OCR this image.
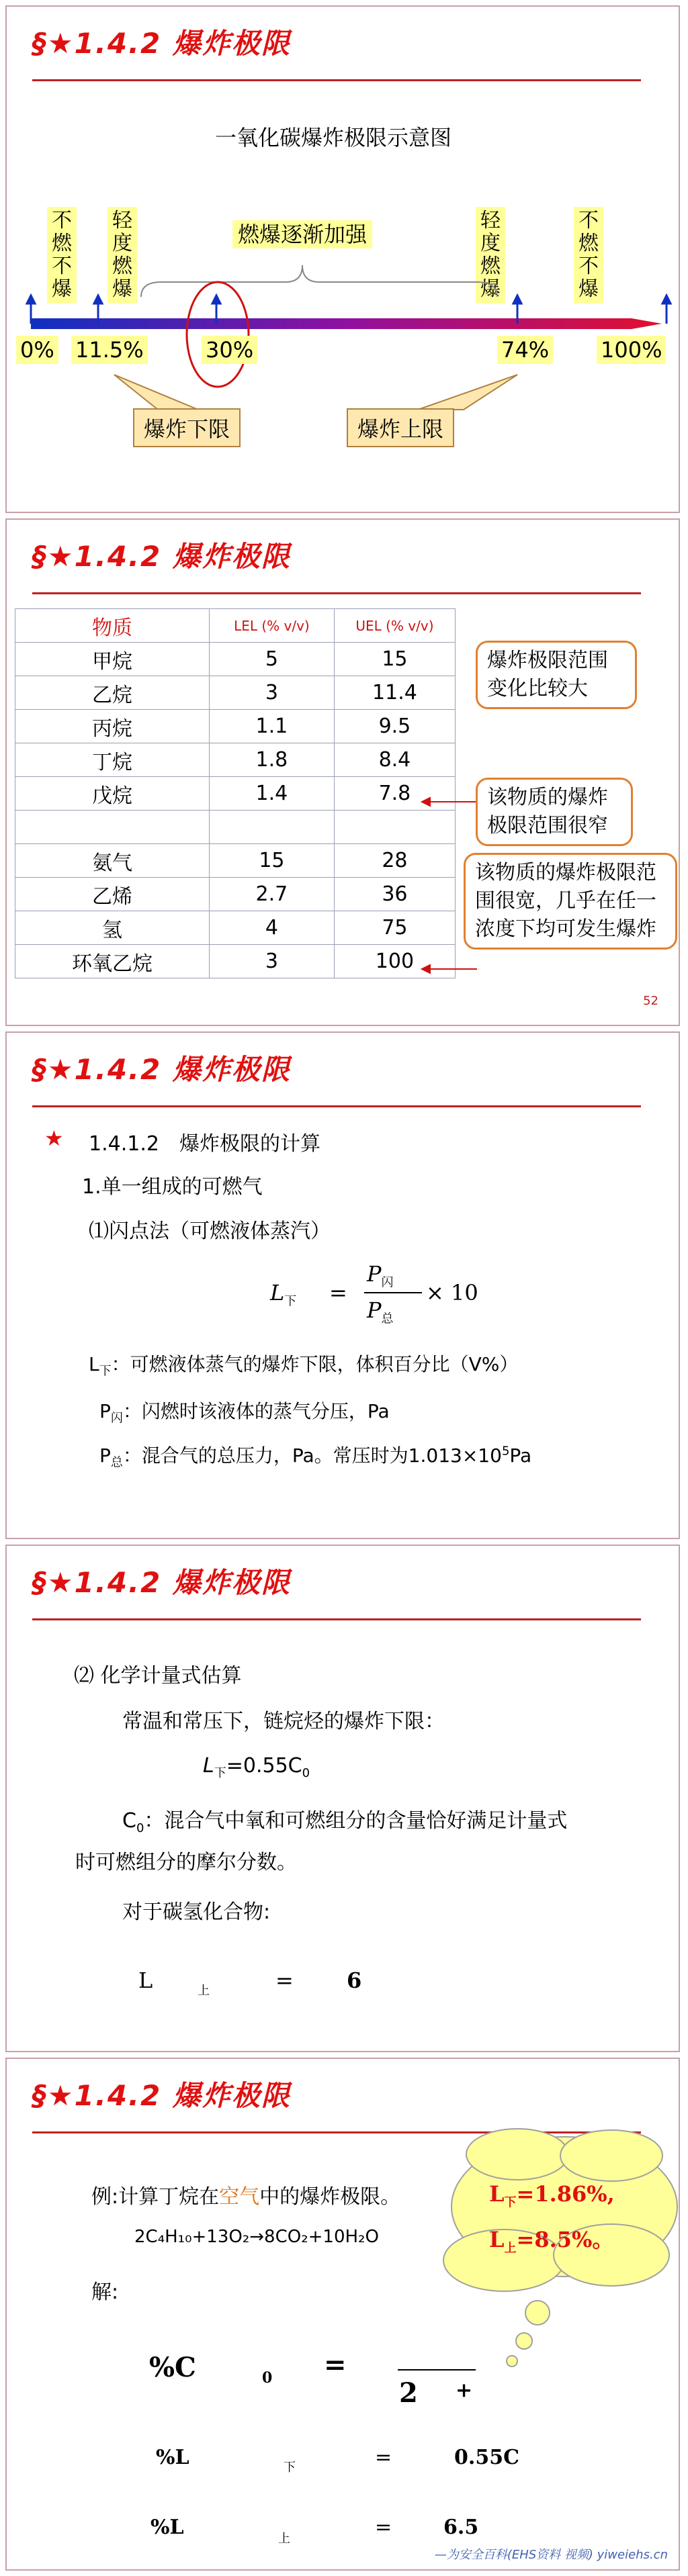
§★1.4.2 爆炸极限
一氧化碳爆炸极限示意图
不燃不爆
轻度燃爆
轻度燃爆
不燃不爆
燃爆逐渐加强
0% 11.5%	30%	74% 100%
爆炸下限	爆炸上限
§★1.4.2 爆炸极限
物质	LEL (% v/v)	UEL (% v/v)
甲烷	5	15
乙烷	3	11.4
丙烷	1.1	9.5
丁烷	1.8	8.4
戊烷	1.4	7.8

氨气	15	28
乙烯	2.7	36
氢	4	75
环氧乙烷	3	100
爆炸极限范围变化比较大
该物质的爆炸极限范围很窄
该物质的爆炸极限范围很宽，几乎在任一浓度下均可发生爆炸
52
§★1.4.2 爆炸极限
★ 1.4.1.2　爆炸极限的计算
1.单一组成的可燃气
⑴闪点法（可燃液体蒸汽）
$L_下$ =
$P_闪$
$P_总$
× 10
$L_下$：可燃液体蒸气的爆炸下限，体积百分比（V%）
$P_闪$：闪燃时该液体的蒸气分压，Pa
$P_总$：混合气的总压力，Pa。常压时为$1.013\times 10^5Pa$
§★1.4.2 爆炸极限
⑵ 化学计量式估算
常温和常压下，链烷烃的爆炸下限：
$L_下=0.55C_0$
$C_0$：混合气中氧和可燃组分的含量恰好满足计量式
时可燃组分的摩尔分数。
对于碳氢化合物:
L	上	= 6
§★1.4.2 爆炸极限
例:计算丁烷在空气中的爆炸极限。
2C₄H₁₀+13O₂→8CO₂+10H₂O
解:
$L_下=1.86\%$,
$L_上=8.5\%$。
%C	0 =
2 +
%L	下	=	0.55C
%L	上	=	6.5
—为安全百科(EHS资料 视频) yiweiehs.cn
